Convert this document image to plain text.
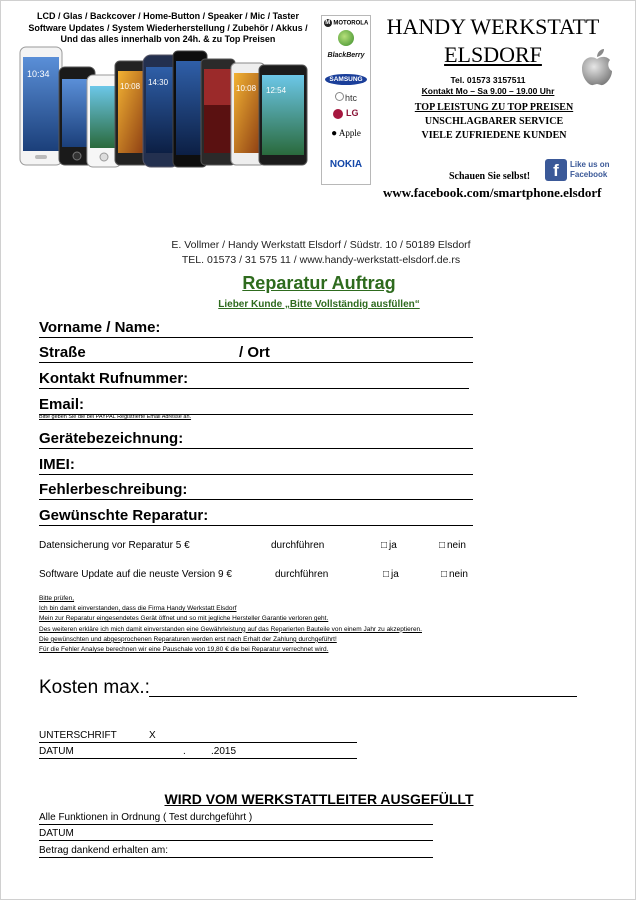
LCD / Glas / Backcover / Home-Button / Speaker / Mic / Taster
Software Updates / System Wiederherstellung / Zubehör / Akkus /
Und das alles innerhalb von 24h. & zu Top Preisen
10:34
10:08 14:30
10:08 12:54
M MOTOROLA
BlackBerry
SAMSUNG
htc
LG
● Apple
NOKIA
HANDY WERKSTATT
ELSDORF
Tel. 01573 3157511
Kontakt Mo – Sa 9.00 – 19.00 Uhr
TOP LEISTUNG ZU TOP PREISEN
UNSCHLAGBARER SERVICE
VIELE ZUFRIEDENE KUNDEN
Schauen Sie selbst!	f	Like us on
Facebook
www.facebook.com/smartphone.elsdorf
E. Vollmer / Handy Werkstatt Elsdorf / Südstr. 10 / 50189 Elsdorf
TEL. 01573 / 31 575 11 / www.handy-werkstatt-elsdorf.de.rs
Reparatur Auftrag
Lieber Kunde „Bitte Vollständig ausfüllen“
Vorname / Name:
Straße	/ Ort
Kontakt Rufnummer:
Email:
Bitte geben Sie die bei PAYPAL Registrierte Email Adresse an.
Gerätebezeichnung:
IMEI:
Fehlerbeschreibung:
Gewünschte Reparatur:
Datensicherung vor Reparatur 5 €	durchführen	□ ja	□ nein
Software Update auf die neuste Version 9 €	durchführen	□ ja	□ nein
Bitte prüfen,
Ich bin damit einverstanden, dass die Firma Handy Werkstatt Elsdorf
Mein zur Reparatur eingesendetes Gerät öffnet und so mit jegliche Hersteller Garantie verloren geht.
Des weiteren erkläre ich mich damit einverstanden eine Gewährleistung auf das Reparierten Bauteile von einem Jahr zu akzeptieren.
Die gewünschten und abgesprochenen Reparaturen werden erst nach Erhalt der Zahlung durchgeführt!
Für die Fehler Analyse berechnen wir eine Pauschale von 19,80 € die bei Reparatur verrechnet wird.
Kosten max.:
UNTERSCHRIFT	X
DATUM	.	.2015
WIRD VOM WERKSTATTLEITER AUSGEFÜLLT
Alle Funktionen in Ordnung ( Test durchgeführt )
DATUM
Betrag dankend erhalten am:
